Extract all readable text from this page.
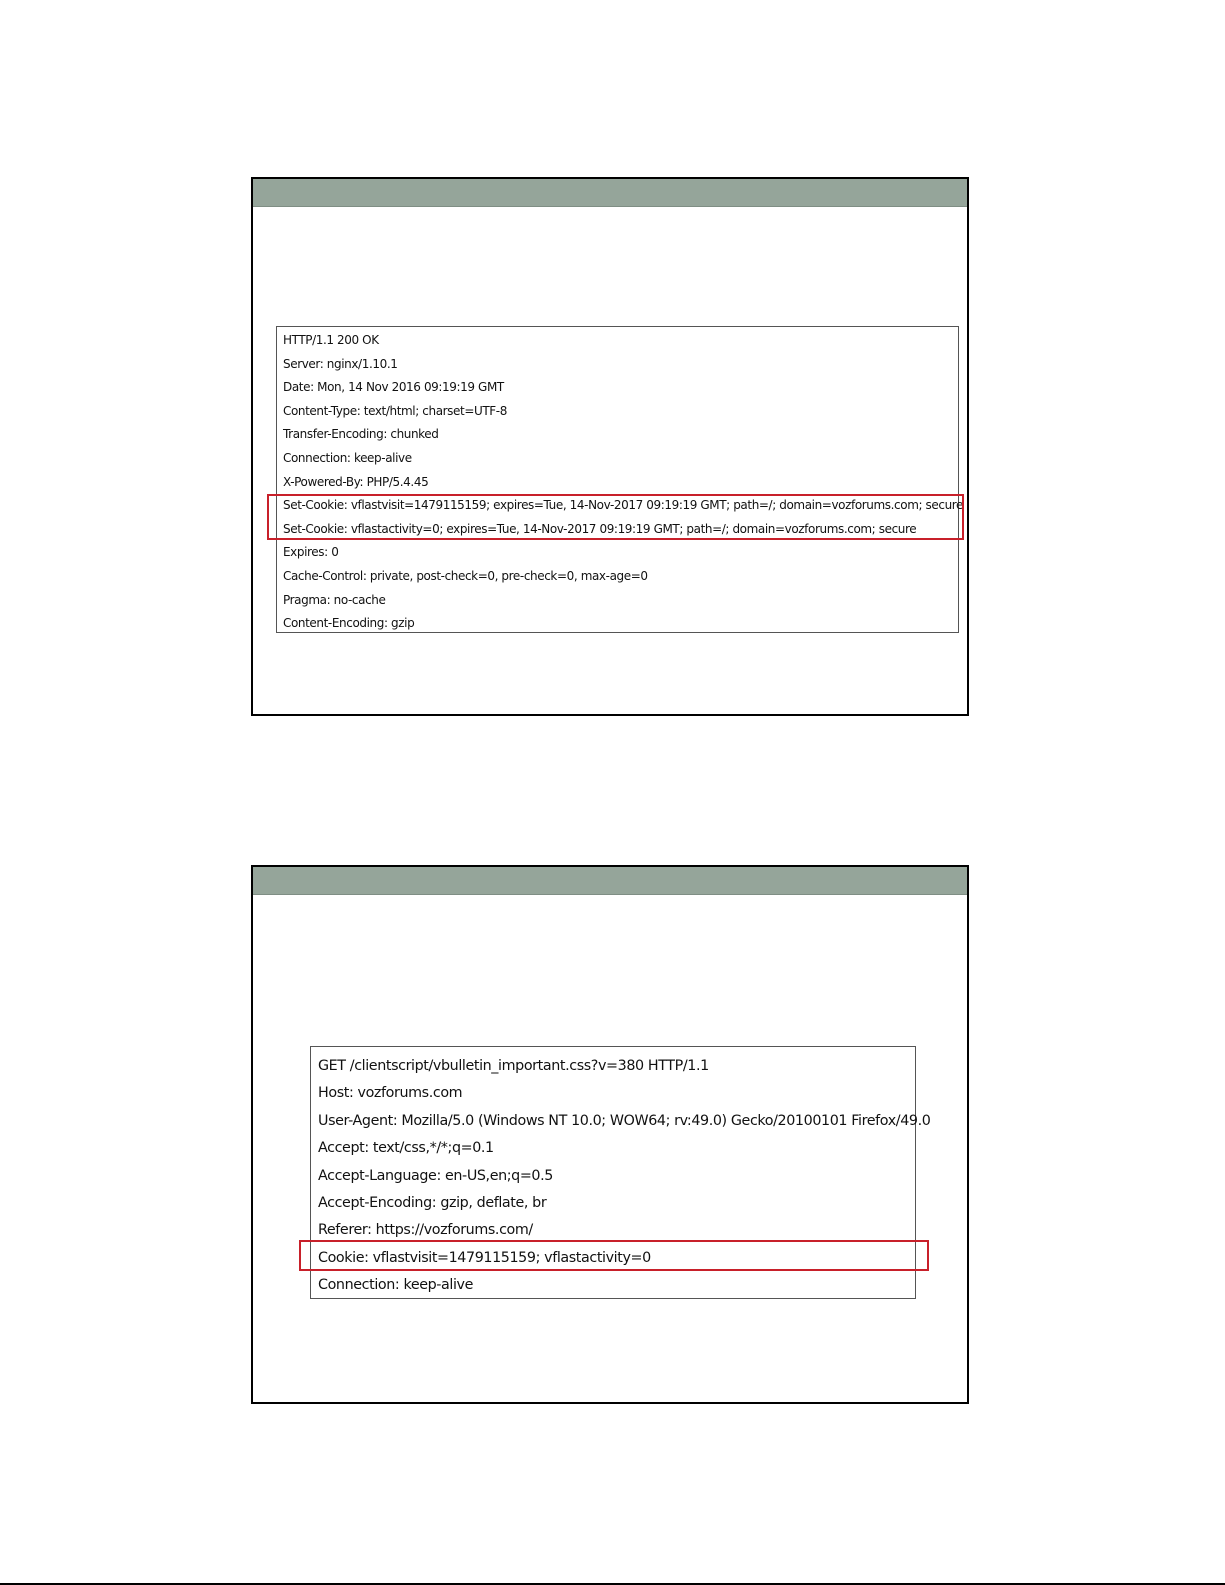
HTTP/1.1 200 OK
Server: nginx/1.10.1
Date: Mon, 14 Nov 2016 09:19:19 GMT
Content-Type: text/html; charset=UTF-8
Transfer-Encoding: chunked
Connection: keep-alive
X-Powered-By: PHP/5.4.45
Set-Cookie: vflastvisit=1479115159; expires=Tue, 14-Nov-2017 09:19:19 GMT; path=/; domain=vozforums.com; secure
Set-Cookie: vflastactivity=0; expires=Tue, 14-Nov-2017 09:19:19 GMT; path=/; domain=vozforums.com; secure
Expires: 0
Cache-Control: private, post-check=0, pre-check=0, max-age=0
Pragma: no-cache
Content-Encoding: gzip
GET /clientscript/vbulletin_important.css?v=380 HTTP/1.1
Host: vozforums.com
User-Agent: Mozilla/5.0 (Windows NT 10.0; WOW64; rv:49.0) Gecko/20100101 Firefox/49.0
Accept: text/css,*/*;q=0.1
Accept-Language: en-US,en;q=0.5
Accept-Encoding: gzip, deflate, br
Referer: https://vozforums.com/
Cookie: vflastvisit=1479115159; vflastactivity=0
Connection: keep-alive
